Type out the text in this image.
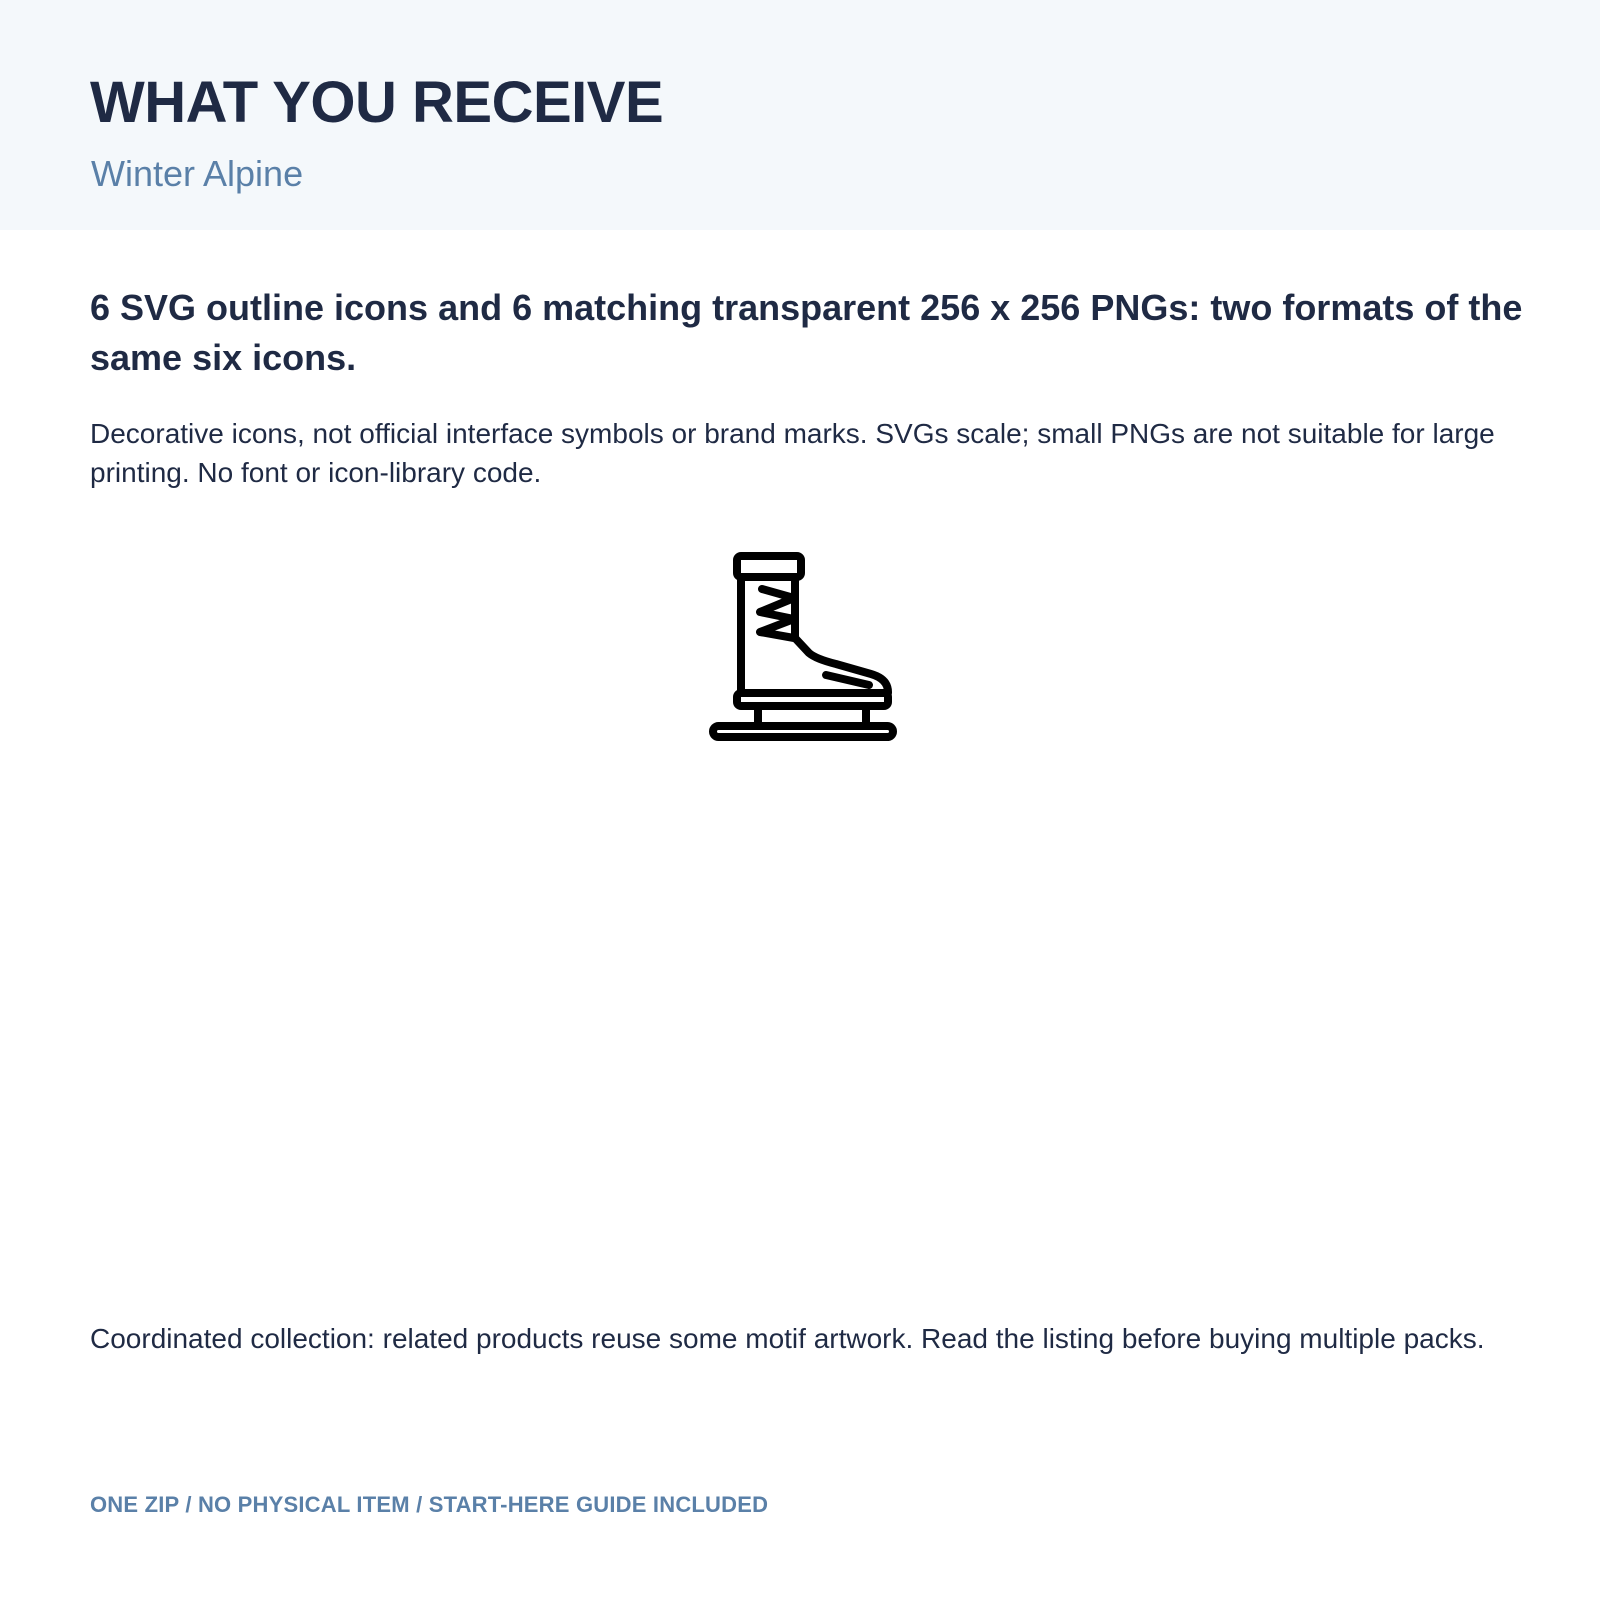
WHAT YOU RECEIVE
Winter Alpine
6 SVG outline icons and 6 matching transparent 256 x 256 PNGs: two formats of the same six icons.

Decorative icons, not official interface symbols or brand marks. SVGs scale; small PNGs are not suitable for large printing. No font or icon-library code.

Coordinated collection: related products reuse some motif artwork. Read the listing before buying multiple packs.

ONE ZIP / NO PHYSICAL ITEM / START-HERE GUIDE INCLUDED
